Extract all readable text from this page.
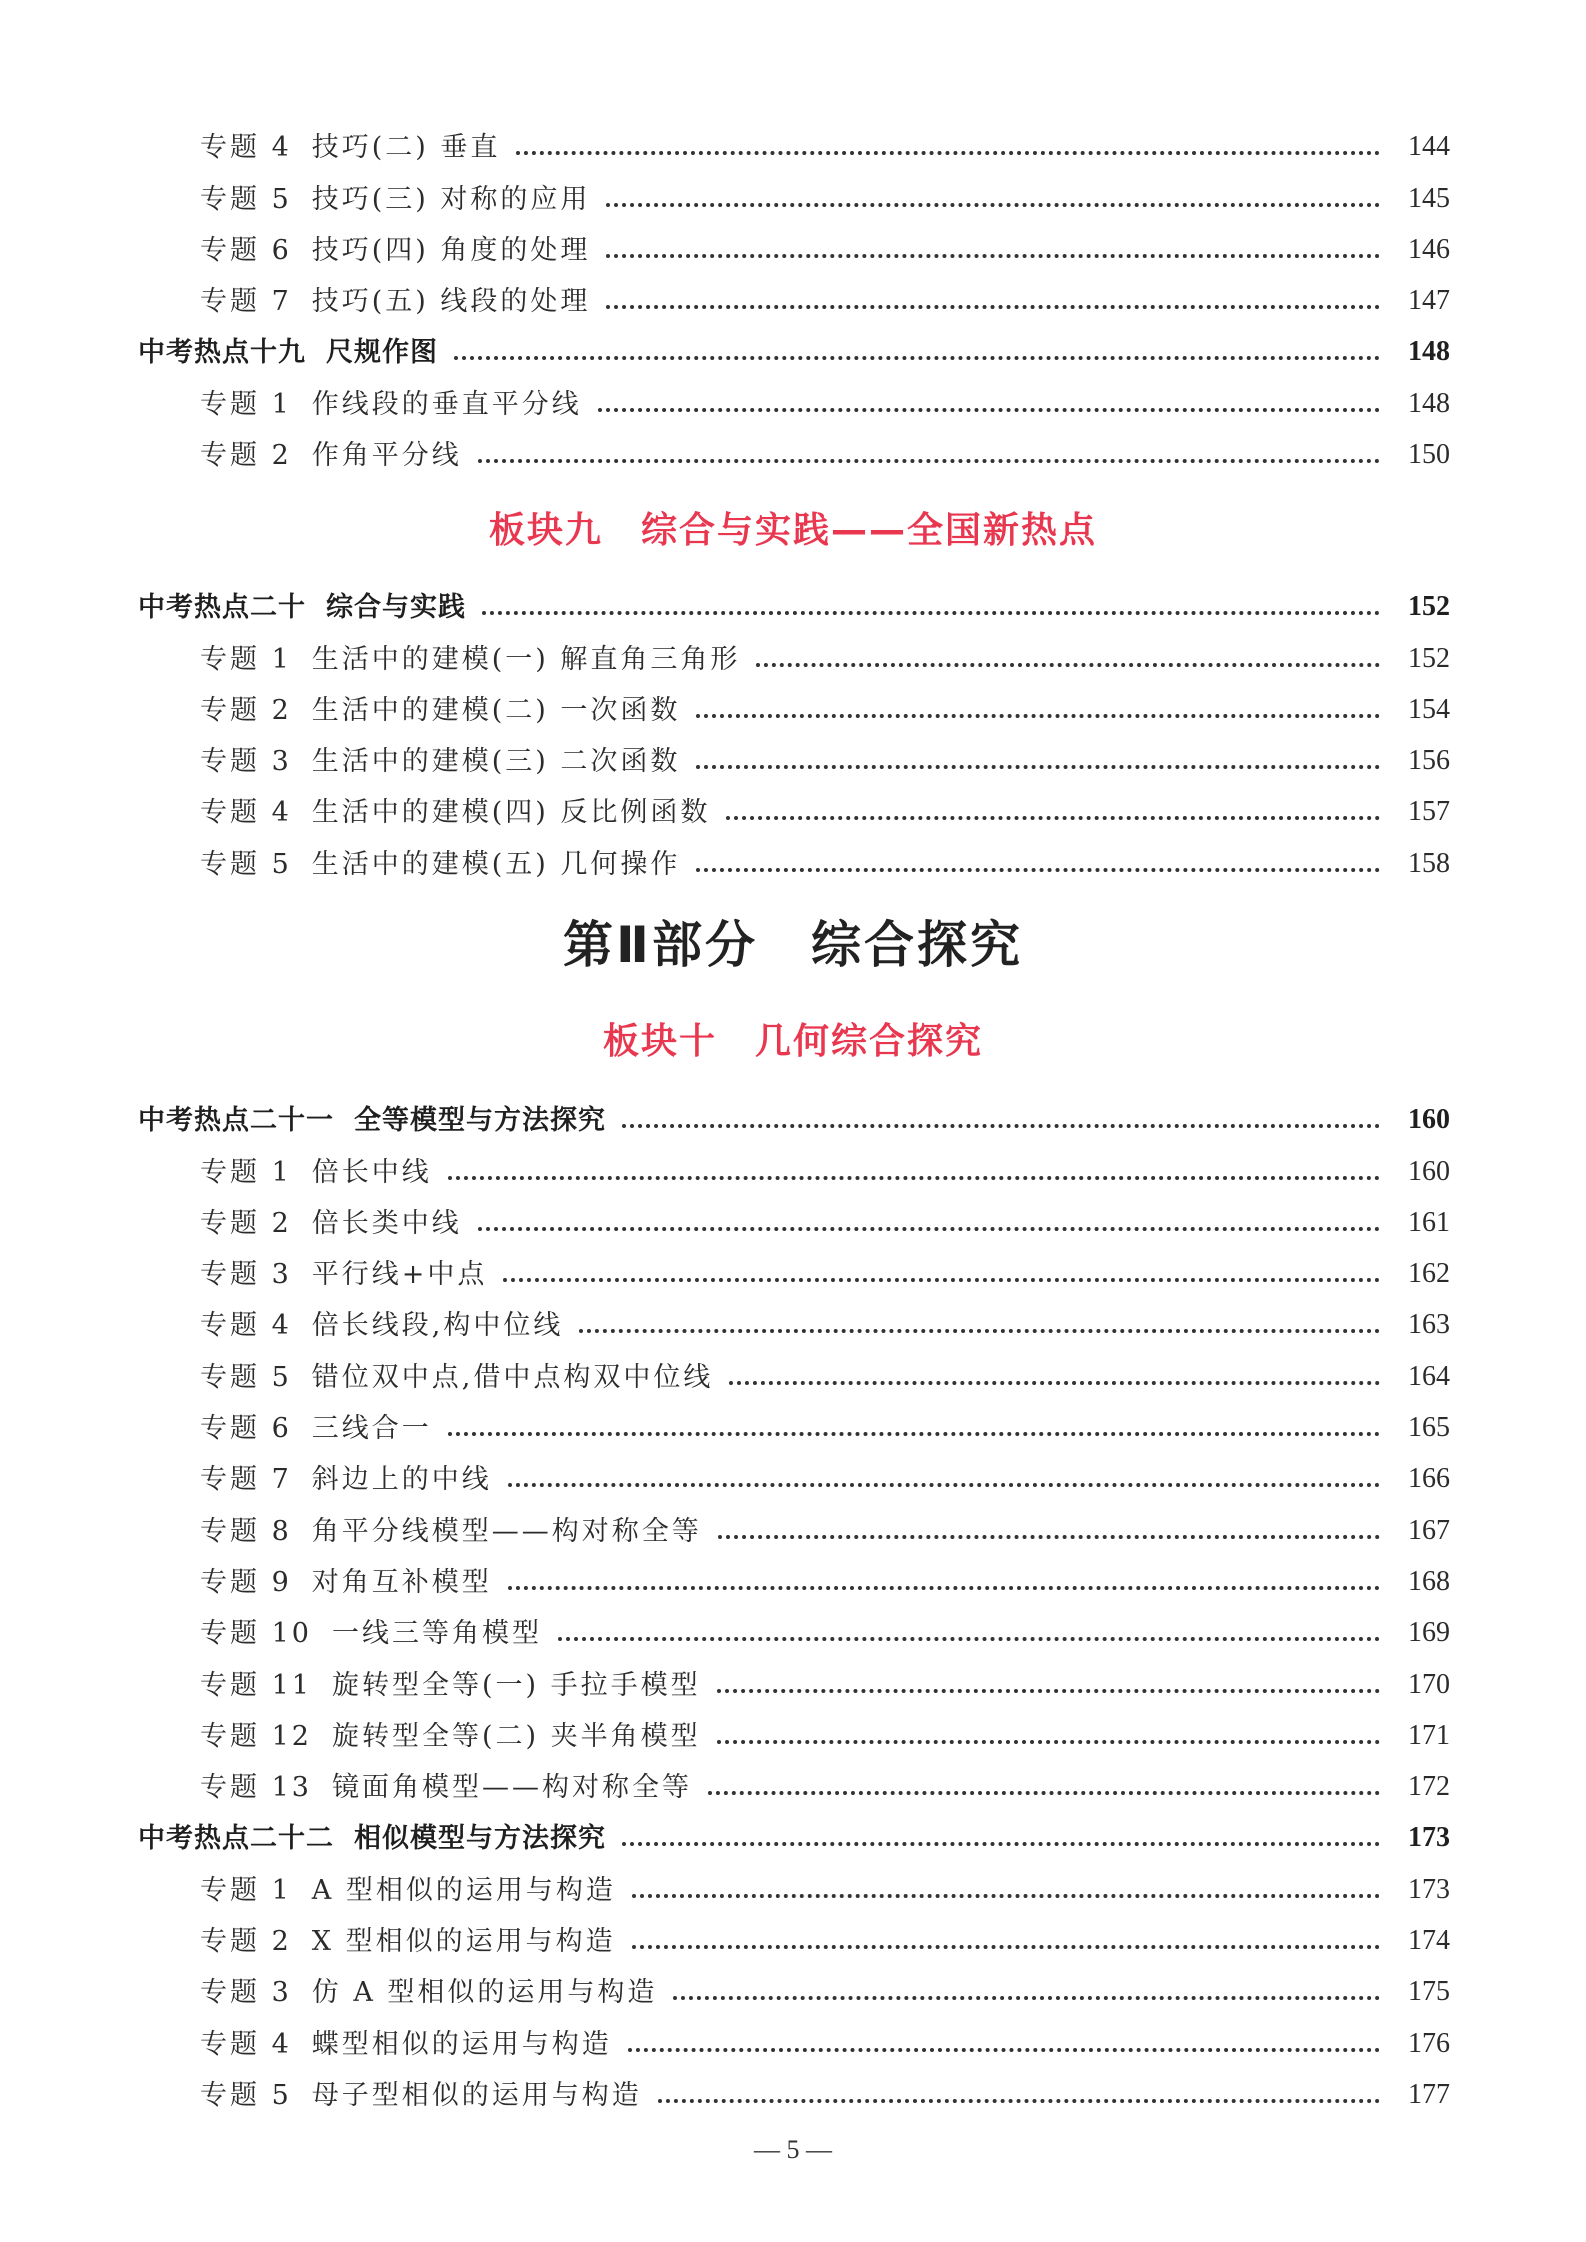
专题 4 技巧(二) 垂直	144
专题 5 技巧(三) 对称的应用	145
专题 6 技巧(四) 角度的处理	146
专题 7 技巧(五) 线段的处理	147
中考热点十九 尺规作图	148
专题 1 作线段的垂直平分线	148
专题 2 作角平分线	150
板块九　综合与实践——全国新热点
中考热点二十 综合与实践	152
专题 1 生活中的建模(一) 解直角三角形	152
专题 2 生活中的建模(二) 一次函数	154
专题 3 生活中的建模(三) 二次函数	156
专题 4 生活中的建模(四) 反比例函数	157
专题 5 生活中的建模(五) 几何操作	158
第Ⅱ部分　综合探究
板块十　几何综合探究
中考热点二十一 全等模型与方法探究	160
专题 1 倍长中线	160
专题 2 倍长类中线	161
专题 3 平行线+中点	162
专题 4 倍长线段,构中位线	163
专题 5 错位双中点,借中点构双中位线	164
专题 6 三线合一	165
专题 7 斜边上的中线	166
专题 8 角平分线模型——构对称全等	167
专题 9 对角互补模型	168
专题 10 一线三等角模型	169
专题 11 旋转型全等(一) 手拉手模型	170
专题 12 旋转型全等(二) 夹半角模型	171
专题 13 镜面角模型——构对称全等	172
中考热点二十二 相似模型与方法探究	173
专题 1 A 型相似的运用与构造	173
专题 2 X 型相似的运用与构造	174
专题 3 仿 A 型相似的运用与构造	175
专题 4 蝶型相似的运用与构造	176
专题 5 母子型相似的运用与构造	177
— 5 —
